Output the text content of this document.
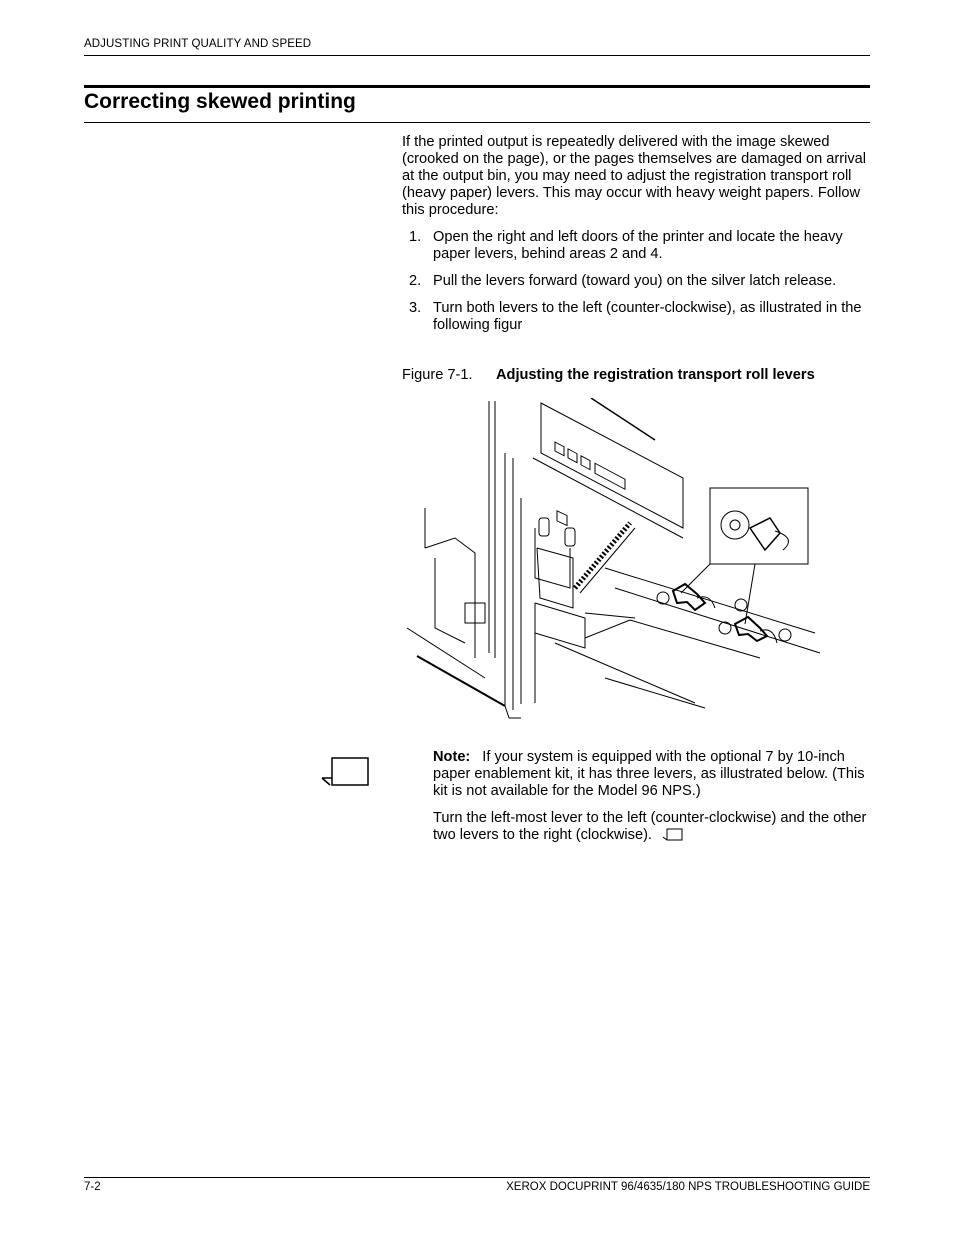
ADJUSTING PRINT QUALITY AND SPEED
Correcting skewed printing

If the printed output is repeatedly delivered with the image skewed (crooked on the page), or the pages themselves are damaged on arrival at the output bin, you may need to adjust the registration transport roll (heavy paper) levers. This may occur with heavy weight papers. Follow this procedure:

1. Open the right and left doors of the printer and locate the heavy paper levers, behind areas 2 and 4.
2. Pull the levers forward (toward you) on the silver latch release.
3. Turn both levers to the left (counter-clockwise), as illustrated in the following figur
Figure 7-1. Adjusting the registration transport roll levers

Note: If your system is equipped with the optional 7 by 10-inch paper enablement kit, it has three levers, as illustrated below. (This kit is not available for the Model 96 NPS.)

Turn the left-most lever to the left (counter-clockwise) and the other two levers to the right (clockwise).

7-2	XEROX DOCUPRINT 96/4635/180 NPS TROUBLESHOOTING GUIDE
